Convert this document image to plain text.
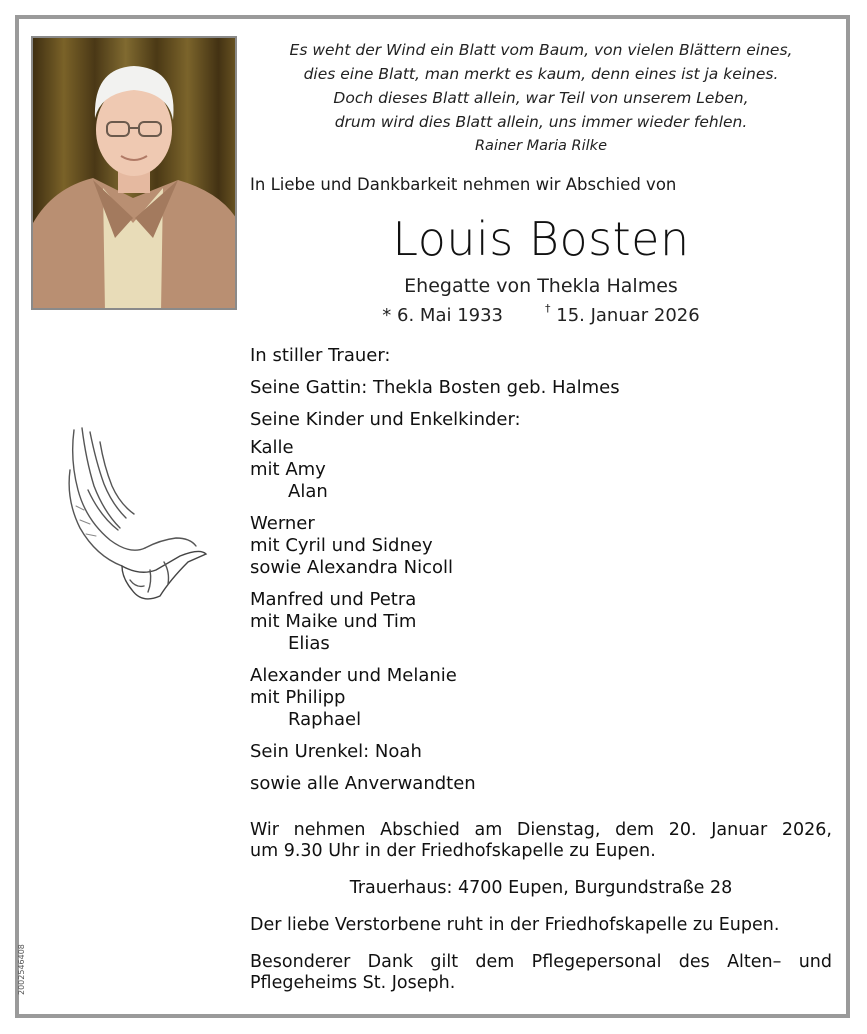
Es weht der Wind ein Blatt vom Baum, von vielen Blättern eines,
dies eine Blatt, man merkt es kaum, denn eines ist ja keines.
Doch dieses Blatt allein, war Teil von unserem Leben,
drum wird dies Blatt allein, uns immer wieder fehlen.
Rainer Maria Rilke
In Liebe und Dankbarkeit nehmen wir Abschied von
Louis Bosten
Ehegatte von Thekla Halmes
* 6. Mai 1933	† 15. Januar 2026
In stiller Trauer:
Seine Gattin: Thekla Bosten geb. Halmes
Seine Kinder und Enkelkinder:
Kalle
mit Amy
Alan
Werner
mit Cyril und Sidney
sowie Alexandra Nicoll
Manfred und Petra
mit Maike und Tim
Elias
Alexander und Melanie
mit Philipp
Raphael
Sein Urenkel: Noah
sowie alle Anverwandten

Wir nehmen Abschied am Dienstag, dem 20. Januar 2026,
um 9.30 Uhr in der Friedhofskapelle zu Eupen.

Trauerhaus: 4700 Eupen, Burgundstraße 28

Der liebe Verstorbene ruht in der Friedhofskapelle zu Eupen.

Besonderer Dank gilt dem Pflegepersonal des Alten– und
Pflegeheims St. Joseph.

2002546408
